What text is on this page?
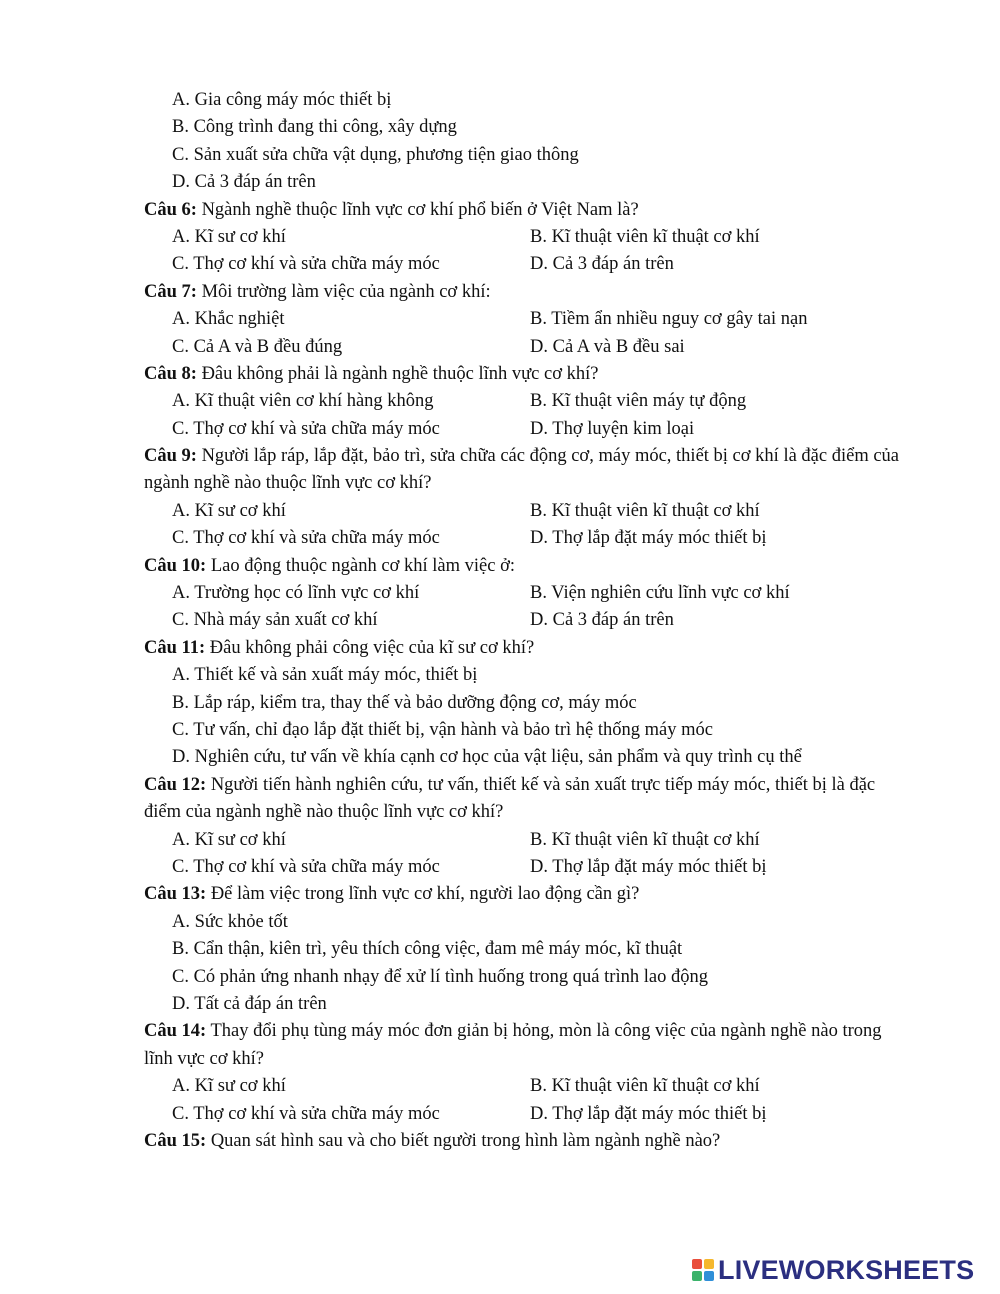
A. Gia công máy móc thiết bị
B. Công trình đang thi công, xây dựng
C. Sản xuất sửa chữa vật dụng, phương tiện giao thông
D. Cả 3 đáp án trên
Câu 6: Ngành nghề thuộc lĩnh vực cơ khí phổ biến ở Việt Nam là?
A. Kĩ sư cơ khí	B. Kĩ thuật viên kĩ thuật cơ khí
C. Thợ cơ khí và sửa chữa máy móc	D. Cả 3 đáp án trên
Câu 7: Môi trường làm việc của ngành cơ khí:
A. Khắc nghiệt	B. Tiềm ẩn nhiều nguy cơ gây tai nạn
C. Cả A và B đều đúng	D. Cả A và B đều sai
Câu 8: Đâu không phải là ngành nghề thuộc lĩnh vực cơ khí?
A. Kĩ thuật viên cơ khí hàng không	B. Kĩ thuật viên máy tự động
C. Thợ cơ khí và sửa chữa máy móc	D. Thợ luyện kim loại
Câu 9: Người lắp ráp, lắp đặt, bảo trì, sửa chữa các động cơ, máy móc, thiết bị cơ khí là đặc điểm của ngành nghề nào thuộc lĩnh vực cơ khí?
A. Kĩ sư cơ khí	B. Kĩ thuật viên kĩ thuật cơ khí
C. Thợ cơ khí và sửa chữa máy móc	D. Thợ lắp đặt máy móc thiết bị
Câu 10: Lao động thuộc ngành cơ khí làm việc ở:
A. Trường học có lĩnh vực cơ khí	B. Viện nghiên cứu lĩnh vực cơ khí
C. Nhà máy sản xuất cơ khí	D. Cả 3 đáp án trên
Câu 11: Đâu không phải công việc của kĩ sư cơ khí?
A. Thiết kế và sản xuất máy móc, thiết bị
B. Lắp ráp, kiểm tra, thay thế và bảo dưỡng động cơ, máy móc
C. Tư vấn, chỉ đạo lắp đặt thiết bị, vận hành và bảo trì hệ thống máy móc
D. Nghiên cứu, tư vấn về khía cạnh cơ học của vật liệu, sản phẩm và quy trình cụ thể
Câu 12: Người tiến hành nghiên cứu, tư vấn, thiết kế và sản xuất trực tiếp máy móc, thiết bị là đặc điểm của ngành nghề nào thuộc lĩnh vực cơ khí?
A. Kĩ sư cơ khí	B. Kĩ thuật viên kĩ thuật cơ khí
C. Thợ cơ khí và sửa chữa máy móc	D. Thợ lắp đặt máy móc thiết bị
Câu 13: Để làm việc trong lĩnh vực cơ khí, người lao động cần gì?
A. Sức khỏe tốt
B. Cẩn thận, kiên trì, yêu thích công việc, đam mê máy móc, kĩ thuật
C. Có phản ứng nhanh nhạy để xử lí tình huống trong quá trình lao động
D. Tất cả đáp án trên
Câu 14: Thay đổi phụ tùng máy móc đơn giản bị hỏng, mòn là công việc của ngành nghề nào trong lĩnh vực cơ khí?
A. Kĩ sư cơ khí	B. Kĩ thuật viên kĩ thuật cơ khí
C. Thợ cơ khí và sửa chữa máy móc	D. Thợ lắp đặt máy móc thiết bị
Câu 15: Quan sát hình sau và cho biết người trong hình làm ngành nghề nào?
LIVEWORKSHEETS
